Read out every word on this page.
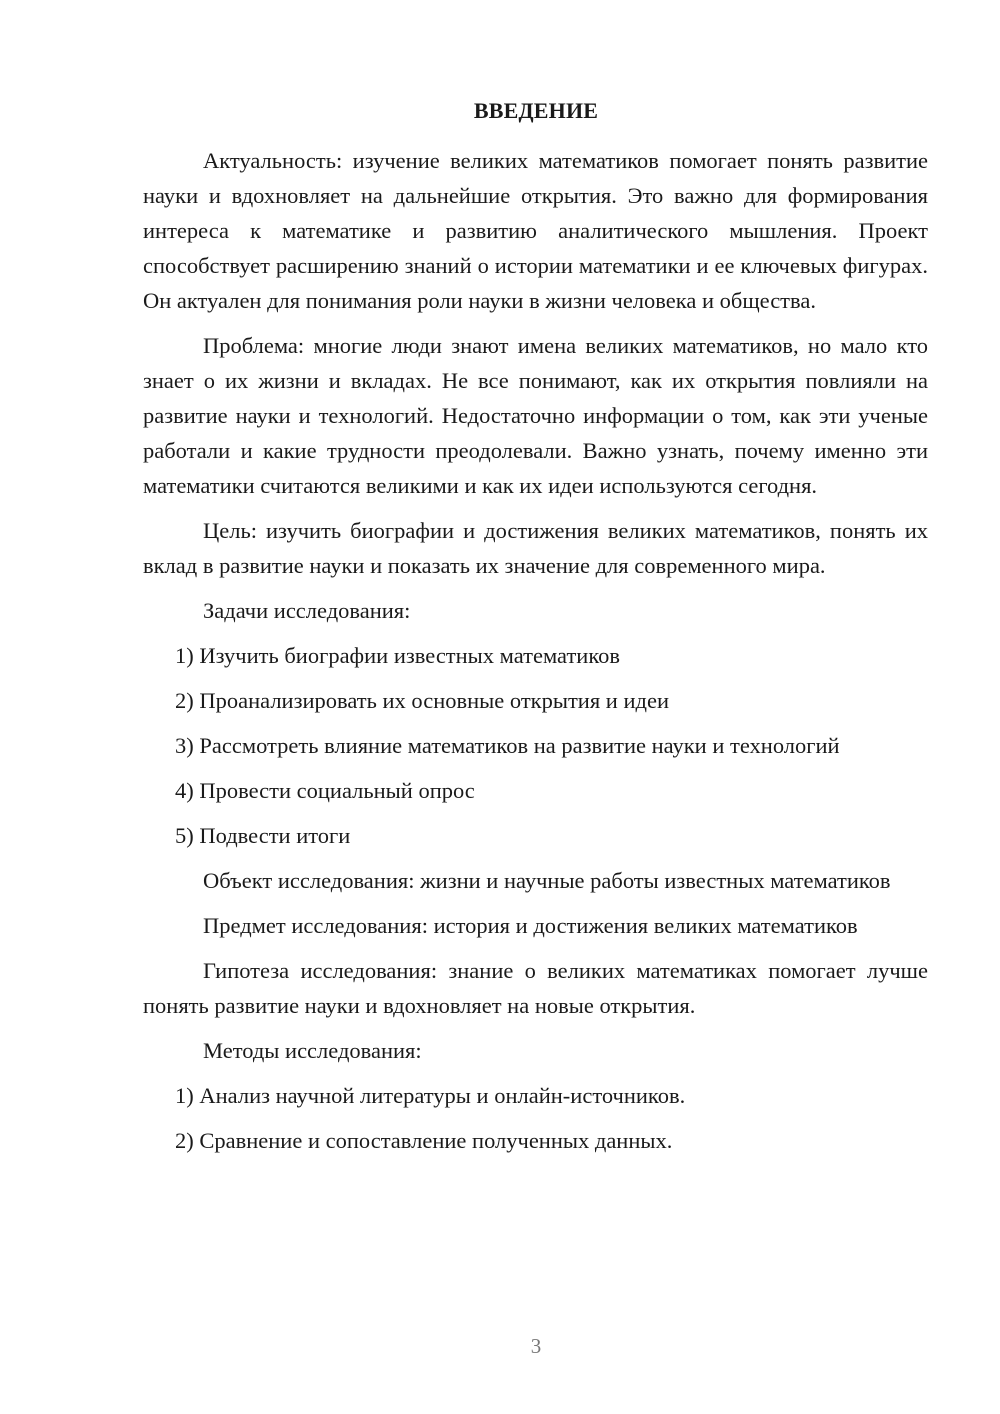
ВВЕДЕНИЕ

Актуальность: изучение великих математиков помогает понять развитие науки и вдохновляет на дальнейшие открытия. Это важно для формирования интереса к математике и развитию аналитического мышления. Проект способствует расширению знаний о истории математики и ее ключевых фигурах. Он актуален для понимания роли науки в жизни человека и общества.

Проблема: многие люди знают имена великих математиков, но мало кто знает о их жизни и вкладах. Не все понимают, как их открытия повлияли на развитие науки и технологий. Недостаточно информации о том, как эти ученые работали и какие трудности преодолевали. Важно узнать, почему именно эти математики считаются великими и как их идеи используются сегодня.

Цель: изучить биографии и достижения великих математиков, понять их вклад в развитие науки и показать их значение для современного мира.

Задачи исследования:

1) Изучить биографии известных математиков
2) Проанализировать их основные открытия и идеи
3) Рассмотреть влияние математиков на развитие науки и технологий
4) Провести социальный опрос
5) Подвести итоги

Объект исследования: жизни и научные работы известных математиков

Предмет исследования: история и достижения великих математиков

Гипотеза исследования: знание о великих математиках помогает лучше понять развитие науки и вдохновляет на новые открытия.

Методы исследования:

1) Анализ научной литературы и онлайн-источников.
2) Сравнение и сопоставление полученных данных.
3
